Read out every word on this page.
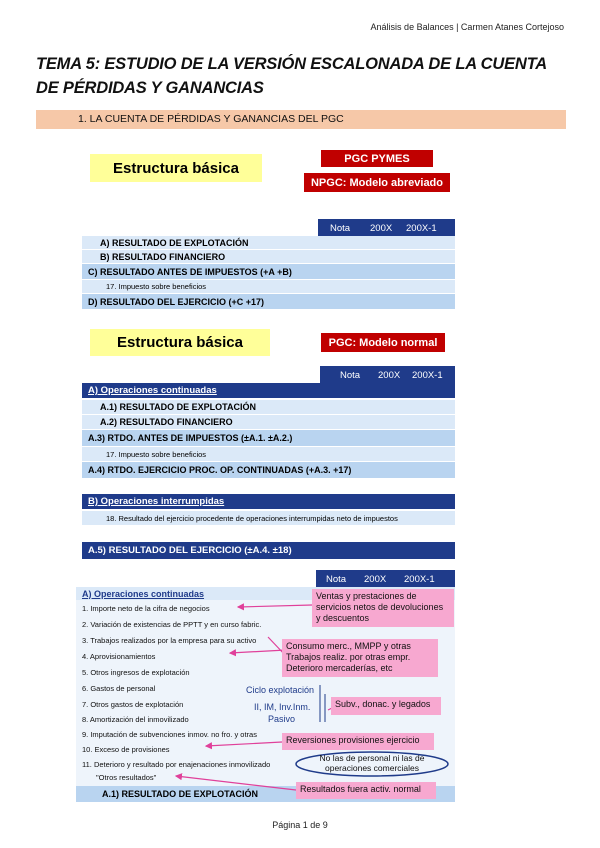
Análisis de Balances | Carmen Atanes Cortejoso
TEMA 5: ESTUDIO DE LA VERSIÓN ESCALONADA DE LA CUENTA DE PÉRDIDAS Y GANANCIAS
1. LA CUENTA DE PÉRDIDAS Y GANANCIAS DEL PGC
Estructura básica
PGC PYMES
NPGC: Modelo abreviado
Nota 200X 200X-1
A) RESULTADO DE EXPLOTACIÓN
B) RESULTADO FINANCIERO
C) RESULTADO ANTES DE IMPUESTOS (+A +B)
17. Impuesto sobre beneficios
D) RESULTADO DEL EJERCICIO (+C +17)
Estructura básica	PGC: Modelo normal
Nota 200X 200X-1
A) Operaciones continuadas
A.1) RESULTADO DE EXPLOTACIÓN
A.2) RESULTADO FINANCIERO
A.3) RTDO. ANTES DE IMPUESTOS (±A.1. ±A.2.)
17. Impuesto sobre beneficios
A.4) RTDO. EJERCICIO PROC. OP. CONTINUADAS (+A.3. +17)
B) Operaciones interrumpidas
18. Resultado del ejercicio procedente de operaciones interrumpidas neto de impuestos
A.5) RESULTADO DEL EJERCICIO (±A.4. ±18)
Nota 200X 200X-1
A) Operaciones continuadas
1. Importe neto de la cifra de negocios
2. Variación de existencias de PPTT y en curso fabric.
3. Trabajos realizados por la empresa para su activo
4. Aprovisionamientos
5. Otros ingresos de explotación
6. Gastos de personal
7. Otros gastos de explotación
8. Amortización del inmovilizado
9. Imputación de subvenciones inmov. no fro. y otras
10. Exceso de provisiones
11. Deterioro y resultado por enajenaciones inmovilizado
"Otros resultados"
A.1) RESULTADO DE EXPLOTACIÓN
Ventas y prestaciones de servicios netos de devoluciones y descuentos
Consumo merc., MMPP y otras Trabajos realiz. por otras empr. Deterioro mercaderías, etc
Ciclo explotación
II, IM, Inv.Inm.
Pasivo
Subv., donac. y legados
Reversiones provisiones ejercicio
No las de personal ni las de operaciones comerciales
Resultados fuera activ. normal
Página 1 de 9
